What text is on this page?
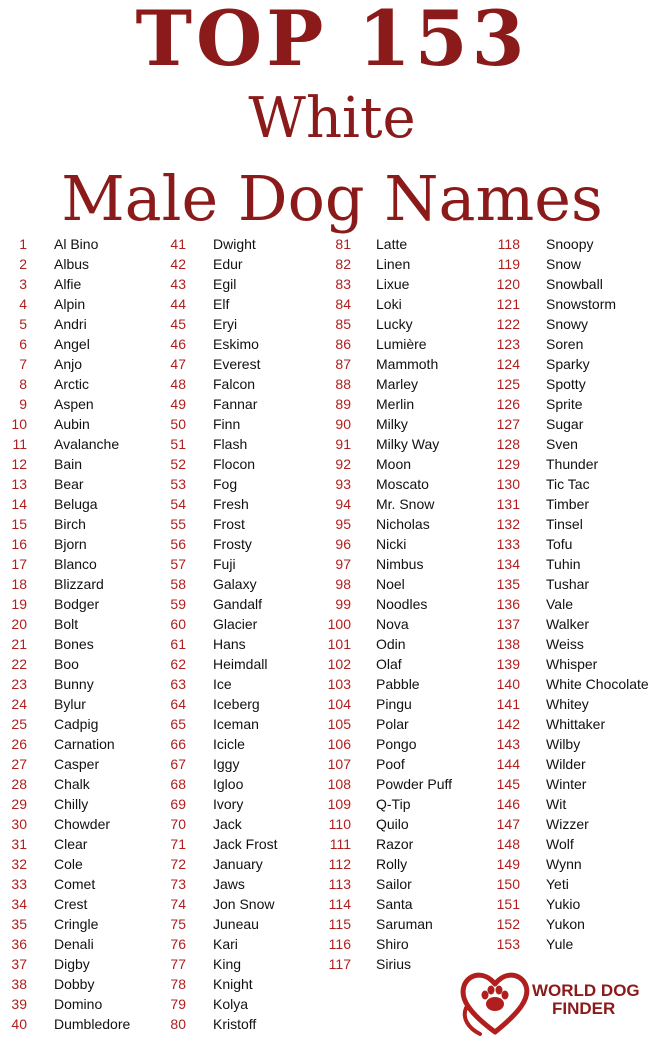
TOP 153
White
Male Dog Names
1 Al Bino
2 Albus
3 Alfie
4 Alpin
5 Andri
6 Angel
7 Anjo
8 Arctic
9 Aspen
10 Aubin
11 Avalanche
12 Bain
13 Bear
14 Beluga
15 Birch
16 Bjorn
17 Blanco
18 Blizzard
19 Bodger
20 Bolt
21 Bones
22 Boo
23 Bunny
24 Bylur
25 Cadpig
26 Carnation
27 Casper
28 Chalk
29 Chilly
30 Chowder
31 Clear
32 Cole
33 Comet
34 Crest
35 Cringle
36 Denali
37 Digby
38 Dobby
39 Domino
40 Dumbledore
41 Dwight
42 Edur
43 Egil
44 Elf
45 Eryi
46 Eskimo
47 Everest
48 Falcon
49 Fannar
50 Finn
51 Flash
52 Flocon
53 Fog
54 Fresh
55 Frost
56 Frosty
57 Fuji
58 Galaxy
59 Gandalf
60 Glacier
61 Hans
62 Heimdall
63 Ice
64 Iceberg
65 Iceman
66 Icicle
67 Iggy
68 Igloo
69 Ivory
70 Jack
71 Jack Frost
72 January
73 Jaws
74 Jon Snow
75 Juneau
76 Kari
77 King
78 Knight
79 Kolya
80 Kristoff
81 Latte
82 Linen
83 Lixue
84 Loki
85 Lucky
86 Lumière
87 Mammoth
88 Marley
89 Merlin
90 Milky
91 Milky Way
92 Moon
93 Moscato
94 Mr. Snow
95 Nicholas
96 Nicki
97 Nimbus
98 Noel
99 Noodles
100 Nova
101 Odin
102 Olaf
103 Pabble
104 Pingu
105 Polar
106 Pongo
107 Poof
108 Powder Puff
109 Q-Tip
110 Quilo
111 Razor
112 Rolly
113 Sailor
114 Santa
115 Saruman
116 Shiro
117 Sirius
118 Snoopy
119 Snow
120 Snowball
121 Snowstorm
122 Snowy
123 Soren
124 Sparky
125 Spotty
126 Sprite
127 Sugar
128 Sven
129 Thunder
130 Tic Tac
131 Timber
132 Tinsel
133 Tofu
134 Tuhin
135 Tushar
136 Vale
137 Walker
138 Weiss
139 Whisper
140 White Chocolate
141 Whitey
142 Whittaker
143 Wilby
144 Wilder
145 Winter
146 Wit
147 Wizzer
148 Wolf
149 Wynn
150 Yeti
151 Yukio
152 Yukon
153 Yule
WORLD DOG
FINDER
